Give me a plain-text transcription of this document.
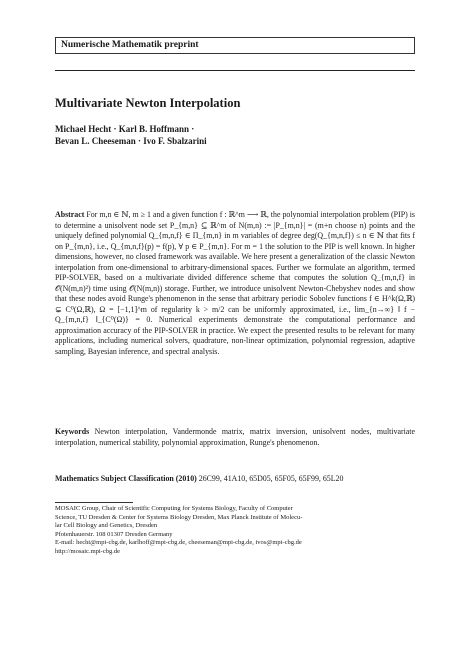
Numerische Mathematik preprint
Multivariate Newton Interpolation
Michael Hecht · Karl B. Hoffmann ·
Bevan L. Cheeseman · Ivo F. Sbalzarini
Abstract For m,n ∈ ℕ, m ≥ 1 and a given function f : ℝ^m ⟶ ℝ, the polynomial interpolation problem (PIP) is to determine a unisolvent node set P_{m,n} ⊆ ℝ^m of N(m,n) := |P_{m,n}| = (m+n choose n) points and the uniquely defined polynomial Q_{m,n,f} ∈ Π_{m,n} in m variables of degree deg(Q_{m,n,f}) ≤ n ∈ ℕ that fits f on P_{m,n}, i.e., Q_{m,n,f}(p) = f(p), ∀ p ∈ P_{m,n}. For m = 1 the solution to the PIP is well known. In higher dimensions, however, no closed framework was available. We here present a generalization of the classic Newton interpolation from one-dimensional to arbitrary-dimensional spaces. Further we formulate an algorithm, termed PIP-SOLVER, based on a multivariate divided difference scheme that computes the solution Q_{m,n,f} in 𝒪(N(m,n)²) time using 𝒪(N(m,n)) storage. Further, we introduce unisolvent Newton-Chebyshev nodes and show that these nodes avoid Runge's phenomenon in the sense that arbitrary periodic Sobolev functions f ∈ H^k(Ω,ℝ) ⊊ C⁰(Ω,ℝ), Ω = [−1,1]^m of regularity k > m/2 can be uniformly approximated, i.e., lim_{n→∞} ‖ f − Q_{m,n,f} ‖_{C⁰(Ω)} = 0. Numerical experiments demonstrate the computational performance and approximation accuracy of the PIP-SOLVER in practice. We expect the presented results to be relevant for many applications, including numerical solvers, quadrature, non-linear optimization, polynomial regression, adaptive sampling, Bayesian inference, and spectral analysis.
Keywords Newton interpolation, Vandermonde matrix, matrix inversion, unisolvent nodes, multivariate interpolation, numerical stability, polynomial approximation, Runge's phenomenon.
Mathematics Subject Classification (2010) 26C99, 41A10, 65D05, 65F05, 65F99, 65L20
MOSAIC Group, Chair of Scientific Computing for Systems Biology, Faculty of Computer
Science, TU Dresden & Center for Systems Biology Dresden, Max Planck Institute of Molecu-
lar Cell Biology and Genetics, Dresden
Pfotenhauerstr. 108 01307 Dresden Germany
E-mail: hecht@mpi-cbg.de, karlhoff@mpi-cbg.de, cheeseman@mpi-cbg.de, ivos@mpi-cbg.de
http://mosaic.mpi-cbg.de
